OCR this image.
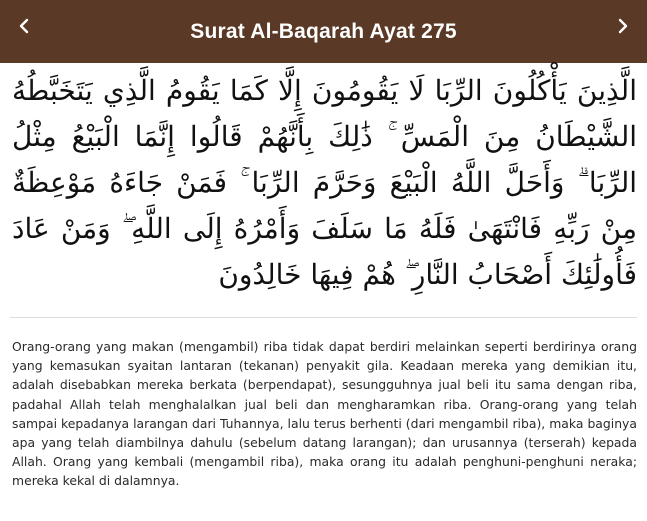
Surat Al-Baqarah Ayat 275
الَّذِينَ يَأْكُلُونَ الرِّبَا لَا يَقُومُونَ إِلَّا كَمَا يَقُومُ الَّذِي يَتَخَبَّطُهُ الشَّيْطَانُ مِنَ الْمَسِّ ۚ ذَٰلِكَ بِأَنَّهُمْ قَالُوا إِنَّمَا الْبَيْعُ مِثْلُ الرِّبَا ۗ وَأَحَلَّ اللَّهُ الْبَيْعَ وَحَرَّمَ الرِّبَا ۚ فَمَنْ جَاءَهُ مَوْعِظَةٌ مِنْ رَبِّهِ فَانْتَهَىٰ فَلَهُ مَا سَلَفَ وَأَمْرُهُ إِلَى اللَّهِ ۖ وَمَنْ عَادَ فَأُولَٰئِكَ أَصْحَابُ النَّارِ ۖ هُمْ فِيهَا خَالِدُونَ
Orang-orang yang makan (mengambil) riba tidak dapat berdiri melainkan seperti berdirinya orang yang kemasukan syaitan lantaran (tekanan) penyakit gila. Keadaan mereka yang demikian itu, adalah disebabkan mereka berkata (berpendapat), sesungguhnya jual beli itu sama dengan riba, padahal Allah telah menghalalkan jual beli dan mengharamkan riba. Orang-orang yang telah sampai kepadanya larangan dari Tuhannya, lalu terus berhenti (dari mengambil riba), maka baginya apa yang telah diambilnya dahulu (sebelum datang larangan); dan urusannya (terserah) kepada Allah. Orang yang kembali (mengambil riba), maka orang itu adalah penghuni-penghuni neraka; mereka kekal di dalamnya.
